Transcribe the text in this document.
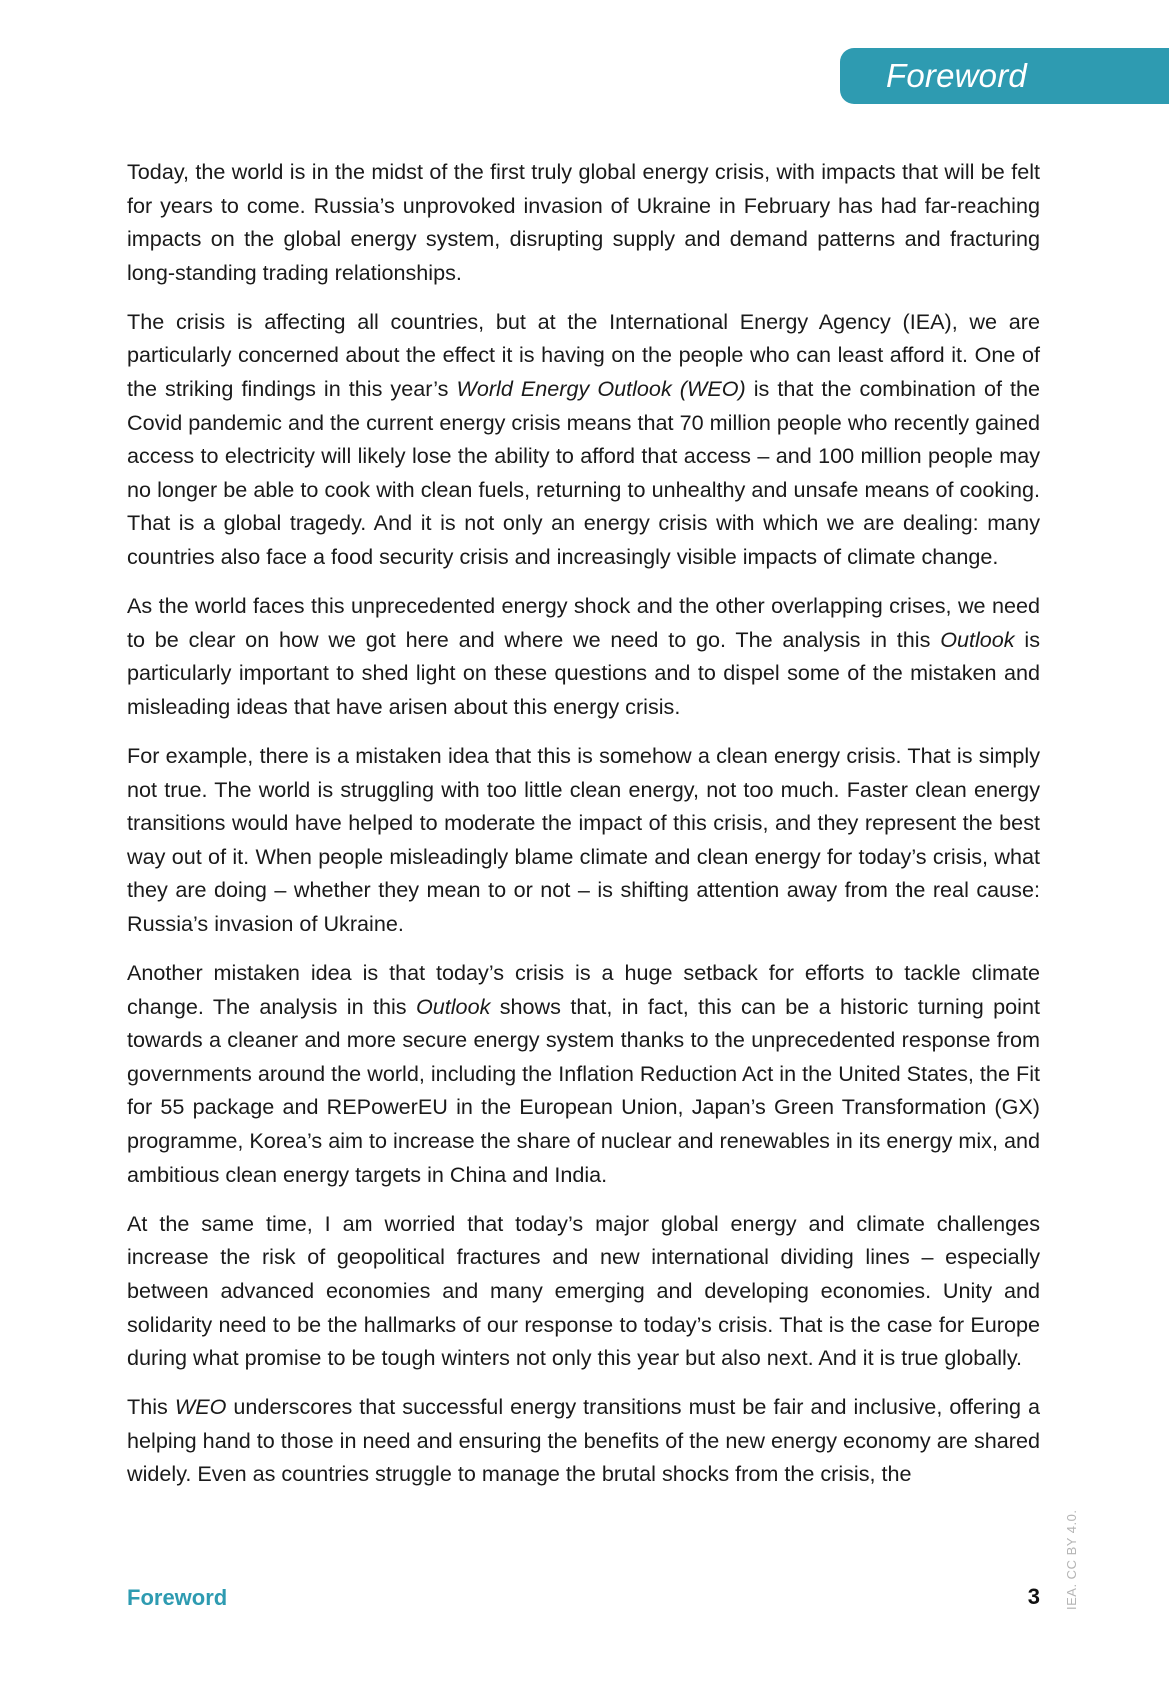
Foreword

Today, the world is in the midst of the first truly global energy crisis, with impacts that will be felt for years to come. Russia’s unprovoked invasion of Ukraine in February has had far-reaching impacts on the global energy system, disrupting supply and demand patterns and fracturing long-standing trading relationships.

The crisis is affecting all countries, but at the International Energy Agency (IEA), we are particularly concerned about the effect it is having on the people who can least afford it. One of the striking findings in this year’s World Energy Outlook (WEO) is that the combination of the Covid pandemic and the current energy crisis means that 70 million people who recently gained access to electricity will likely lose the ability to afford that access – and 100 million people may no longer be able to cook with clean fuels, returning to unhealthy and unsafe means of cooking. That is a global tragedy. And it is not only an energy crisis with which we are dealing: many countries also face a food security crisis and increasingly visible impacts of climate change.

As the world faces this unprecedented energy shock and the other overlapping crises, we need to be clear on how we got here and where we need to go. The analysis in this Outlook is particularly important to shed light on these questions and to dispel some of the mistaken and misleading ideas that have arisen about this energy crisis.

For example, there is a mistaken idea that this is somehow a clean energy crisis. That is simply not true. The world is struggling with too little clean energy, not too much. Faster clean energy transitions would have helped to moderate the impact of this crisis, and they represent the best way out of it. When people misleadingly blame climate and clean energy for today’s crisis, what they are doing – whether they mean to or not – is shifting attention away from the real cause: Russia’s invasion of Ukraine.

Another mistaken idea is that today’s crisis is a huge setback for efforts to tackle climate change. The analysis in this Outlook shows that, in fact, this can be a historic turning point towards a cleaner and more secure energy system thanks to the unprecedented response from governments around the world, including the Inflation Reduction Act in the United States, the Fit for 55 package and REPowerEU in the European Union, Japan’s Green Transformation (GX) programme, Korea’s aim to increase the share of nuclear and renewables in its energy mix, and ambitious clean energy targets in China and India.

At the same time, I am worried that today’s major global energy and climate challenges increase the risk of geopolitical fractures and new international dividing lines – especially between advanced economies and many emerging and developing economies. Unity and solidarity need to be the hallmarks of our response to today’s crisis. That is the case for Europe during what promise to be tough winters not only this year but also next. And it is true globally.

This WEO underscores that successful energy transitions must be fair and inclusive, offering a helping hand to those in need and ensuring the benefits of the new energy economy are shared widely. Even as countries struggle to manage the brutal shocks from the crisis, the

Foreword	3 IEA. CC BY 4.0.
